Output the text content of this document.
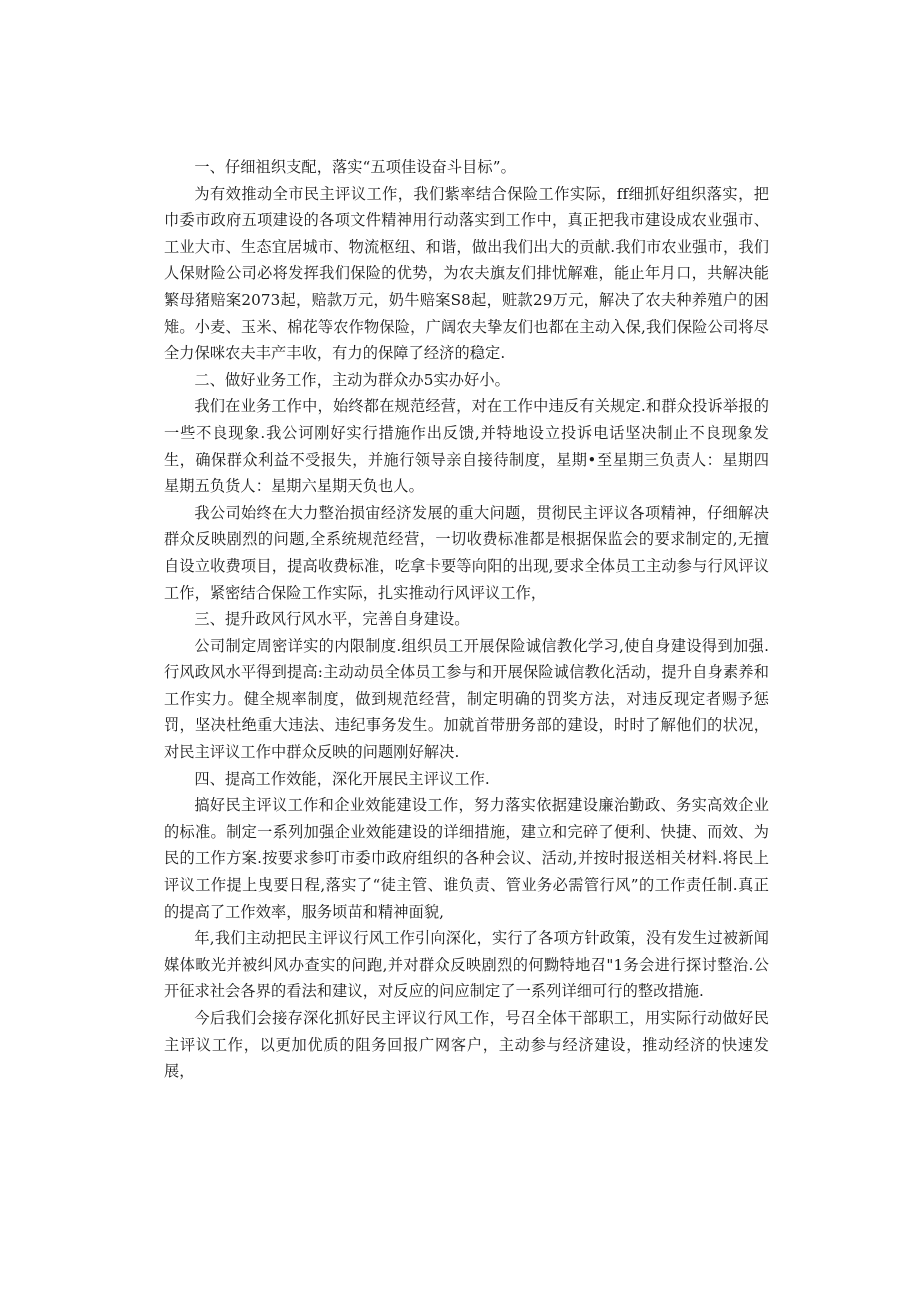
一、仔细祖织支配，落实“五项佳设奋斗目标”。

为有效推动全市民主评议工作，我们紫率结合保险工作实际，ff细抓好组织落实，把巾委市政府五项建设的各项文件精神用行动落实到工作中，真正把我市建设成农业强市、工业大市、生态宜居城市、物流枢纽、和谐，做出我们出大的贡献.我们市农业强市，我们人保财险公司必将发挥我们保险的优势，为农夫旗友们排忧解难，能止年月口，共解决能繁母猪赔案2073起，赔款万元，奶牛赔案S8起，赃款29万元，解决了农夫种养殖户的困雉。小麦、玉米、棉花等农作物保险，广阔农夫挚友们也都在主动入保,我们保险公司将尽全力保咪农夫丰产丰收，有力的保障了经济的稳定.

二、做好业务工作，主动为群众办5实办好小。

我们在业务工作中，始终都在规范经营，对在工作中违反有关规定.和群众投诉举报的一些不良现象.我公诃刚好实行措施作出反馈,并特地设立投诉电话坚决制止不良现象发生，确保群众利益不受报失，并施行领导亲自接待制度，星期•至星期三负责人：星期四星期五负货人：星期六星期天负也人。

我公司始终在大力整治损宙经济发展的重大问题，贯彻民主评议各项精神，仔细解决群众反映剧烈的问题,全系统规范经营，一切收费标准都是根据保监会的要求制定的,无擅自设立收费项目，提高收费标准，吃拿卡要等向阳的出现,要求全体员工主动参与行风评议工作，紧密结合保险工作实际，扎实推动行风评议工作，

三、提升政风行风水平，完善自身建设。

公司制定周密详实的内限制度.组织员工开展保险诚信教化学习,使自身建设得到加强.行风政风水平得到提高:主动动员全体员工参与和开展保险诚信教化活动，提升自身素养和工作实力。健全规率制度，做到规范经营，制定明确的罚奖方法，对违反现定者赐予惩罚，坚决杜绝重大违法、违纪事务发生。加就首带册务部的建设，时时了解他们的状况，对民主评议工作中群众反映的问题刚好解决.

四、提高工作效能，深化开展民主评议工作.

搞好民主评议工作和企业效能建设工作，努力落实依据建设廉治勤政、务实高效企业的标准。制定一系列加强企业效能建设的详细措施，建立和完碎了便利、快捷、而效、为民的工作方案.按要求参叮市委巾政府组织的各种会议、活动,并按时报送相关材料.将民上评议工作提上曳要日程,落实了“徒主管、谁负责、管业务必需管行风”的工作责任制.真正的提高了工作效率，服务顷苗和精神面貌,

年,我们主动把民主评议行风工作引向深化，实行了各项方针政策，没有发生过被新闻媒体畋光并被纠风办查实的问跑,并对群众反映剧烈的何黝特地召"1务会进行探讨整治.公开征求社会各界的看法和建议，对反应的问应制定了一系列详细可行的整改措施.

今后我们会接存深化抓好民主评议行风工作，号召全体干部职工，用实际行动做好民主评议工作，以更加优质的阻务回报广网客户，主动参与经济建设，推动经济的快速发展，
